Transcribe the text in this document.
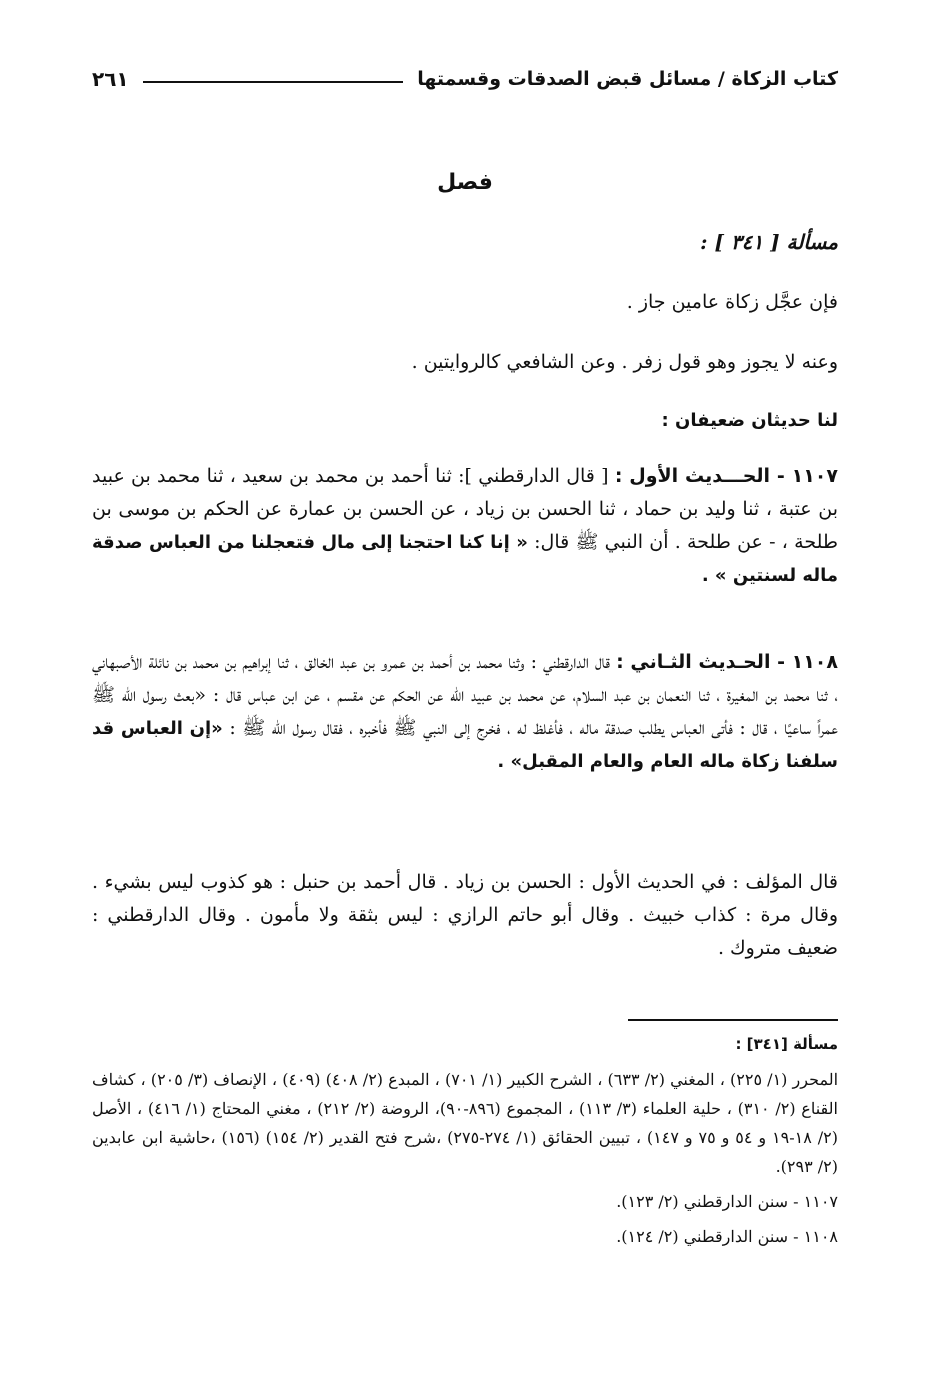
كتاب الزكاة / مسائل قبض الصدقات وقسمتها
٢٦١
فصل
مسألة [ ٣٤١ ] :
فإن عجَّل زكاة عامين جاز .
وعنه لا يجوز وهو قول زفر . وعن الشافعي كالروايتين .
لنا حديثان ضعيفان :
١١٠٧ - الحـــديث الأول : [ قال الدارقطني ]: ثنا أحمد بن محمد بن سعيد ، ثنا محمد بن عبيد بن عتبة ، ثنا وليد بن حماد ، ثنا الحسن بن زياد ، عن الحسن بن عمارة عن الحكم بن موسى بن طلحة ، - عن طلحة . أن النبي ﷺ قال: « إنا كنا احتجنا إلى مال فتعجلنا من العباس صدقة ماله لسنتين » .
١١٠٨ - الحـديث الثـاني : قال الدارقطني : وثنا محمد بن أحمد بن عمرو بن عبد الخالق ، ثنا إبراهيم بن محمد بن نائلة الأصبهاني ، ثنا محمد بن المغيرة ، ثنا النعمان بن عبد السلام، عن محمد بن عبيد الله عن الحكم عن مقسم ، عن ابن عباس قال : «بعث رسول الله ﷺ عمراً ساعيًا ، قال : فأتى العباس يطلب صدقة ماله ، فأغلظ له ، فخرج إلى النبي ﷺ فأخبره ، فقال رسول الله ﷺ : «إن العباس قد سلفنا زكاة ماله العام والعام المقبل» .
قال المؤلف : في الحديث الأول : الحسن بن زياد . قال أحمد بن حنبل : هو كذوب ليس بشيء . وقال مرة : كذاب خبيث . وقال أبو حاتم الرازي : ليس بثقة ولا مأمون . وقال الدارقطني : ضعيف متروك .
مسألة [٣٤١] :
المحرر (١/ ٢٢٥) ، المغني (٢/ ٦٣٣) ، الشرح الكبير (١/ ٧٠١) ، المبدع (٢/ ٤٠٨) (٤٠٩) ، الإنصاف (٣/ ٢٠٥) ، كشاف القناع (٢/ ٣١٠) ، حلية العلماء (٣/ ١١٣) ، المجموع (٨٩٦-٩٠)، الروضة (٢/ ٢١٢) ، مغني المحتاج (١/ ٤١٦) ، الأصل (٢/ ١٨-١٩ و ٥٤ و ٧٥ و ١٤٧) ، تبيين الحقائق (١/ ٢٧٤-٢٧٥) ،شرح فتح القدير (٢/ ١٥٤) (١٥٦) ،حاشية ابن عابدين (٢/ ٢٩٣).
١١٠٧ - سنن الدارقطني (٢/ ١٢٣).
١١٠٨ - سنن الدارقطني (٢/ ١٢٤).
